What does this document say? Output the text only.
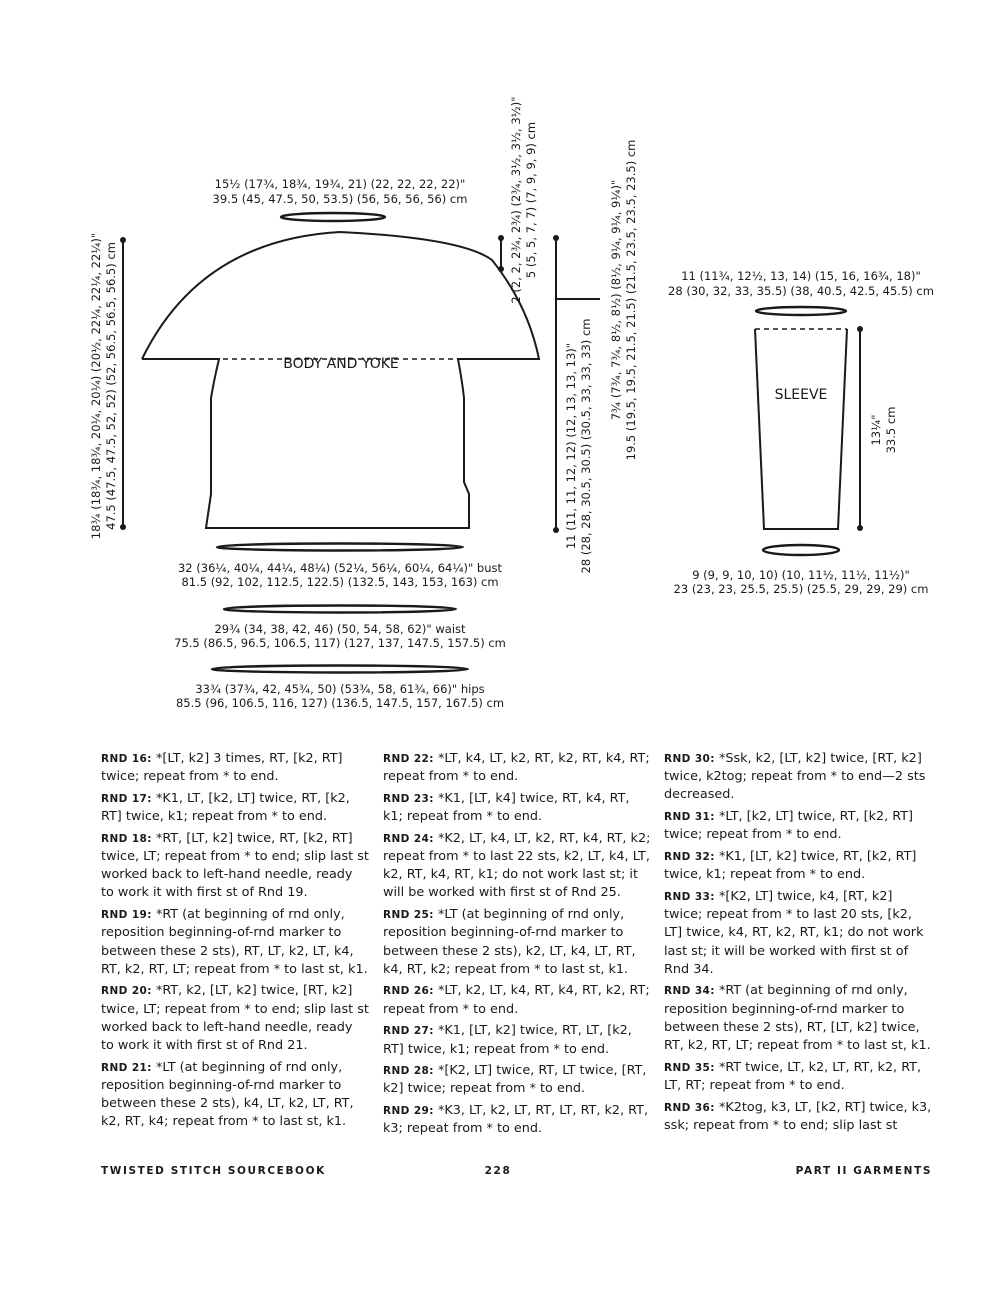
BODY AND YOKE
15½ (17¾, 18¾, 19¾, 21) (22, 22, 22, 22)"
39.5 (45, 47.5, 50, 53.5) (56, 56, 56, 56) cm
18¾ (18¾, 18¾, 20¼, 20¼) (20½, 22¼, 22¼, 22¼)" 47.5 (47.5, 47.5, 52, 52) (52, 56.5, 56.5, 56.5) cm
2 (2, 2, 2¾, 2¾) (2¾, 3½, 3½, 3½)" 5 (5, 5, 7, 7) (7, 9, 9, 9) cm
11 (11, 11, 12, 12) (12, 13, 13, 13)" 28 (28, 28, 30.5, 30.5) (30.5, 33, 33, 33) cm
7¾ (7¾, 7¾, 8½, 8½) (8½, 9¼, 9¼, 9¼)" 19.5 (19.5, 19.5, 21.5, 21.5) (21.5, 23.5, 23.5, 23.5) cm
32 (36¼, 40¼, 44¼, 48¼) (52¼, 56¼, 60¼, 64¼)" bust
81.5 (92, 102, 112.5, 122.5) (132.5, 143, 153, 163) cm
29¾ (34, 38, 42, 46) (50, 54, 58, 62)" waist
75.5 (86.5, 96.5, 106.5, 117) (127, 137, 147.5, 157.5) cm
33¾ (37¾, 42, 45¾, 50) (53¾, 58, 61¾, 66)" hips
85.5 (96, 106.5, 116, 127) (136.5, 147.5, 157, 167.5) cm
11 (11¾, 12½, 13, 14) (15, 16, 16¾, 18)"
28 (30, 32, 33, 35.5) (38, 40.5, 42.5, 45.5) cm
SLEEVE
13¼" 33.5 cm
9 (9, 9, 10, 10) (10, 11½, 11½, 11½)"
23 (23, 23, 25.5, 25.5) (25.5, 29, 29, 29) cm

RND 16: *[LT, k2] 3 times, RT, [k2, RT] twice; repeat from * to end.

RND 17: *K1, LT, [k2, LT] twice, RT, [k2, RT] twice, k1; repeat from * to end.

RND 18: *RT, [LT, k2] twice, RT, [k2, RT] twice, LT; repeat from * to end; slip last st worked back to left-hand needle, ready to work it with first st of Rnd 19.

RND 19: *RT (at beginning of rnd only, reposition beginning-of-rnd marker to between these 2 sts), RT, LT, k2, LT, k4, RT, k2, RT, LT; repeat from * to last st, k1.

RND 20: *RT, k2, [LT, k2] twice, [RT, k2] twice, LT; repeat from * to end; slip last st worked back to left-hand needle, ready to work it with first st of Rnd 21.

RND 21: *LT (at beginning of rnd only, reposition beginning-of-rnd marker to between these 2 sts), k4, LT, k2, LT, RT, k2, RT, k4; repeat from * to last st, k1.

RND 22: *LT, k4, LT, k2, RT, k2, RT, k4, RT; repeat from * to end.

RND 23: *K1, [LT, k4] twice, RT, k4, RT, k1; repeat from * to end.

RND 24: *K2, LT, k4, LT, k2, RT, k4, RT, k2; repeat from * to last 22 sts, k2, LT, k4, LT, k2, RT, k4, RT, k1; do not work last st; it will be worked with first st of Rnd 25.

RND 25: *LT (at beginning of rnd only, reposition beginning-of-rnd marker to between these 2 sts), k2, LT, k4, LT, RT, k4, RT, k2; repeat from * to last st, k1.

RND 26: *LT, k2, LT, k4, RT, k4, RT, k2, RT; repeat from * to end.

RND 27: *K1, [LT, k2] twice, RT, LT, [k2, RT] twice, k1; repeat from * to end.

RND 28: *[K2, LT] twice, RT, LT twice, [RT, k2] twice; repeat from * to end.

RND 29: *K3, LT, k2, LT, RT, LT, RT, k2, RT, k3; repeat from * to end.

RND 30: *Ssk, k2, [LT, k2] twice, [RT, k2] twice, k2tog; repeat from * to end—2 sts decreased.

RND 31: *LT, [k2, LT] twice, RT, [k2, RT] twice; repeat from * to end.

RND 32: *K1, [LT, k2] twice, RT, [k2, RT] twice, k1; repeat from * to end.

RND 33: *[K2, LT] twice, k4, [RT, k2] twice; repeat from * to last 20 sts, [k2, LT] twice, k4, RT, k2, RT, k1; do not work last st; it will be worked with first st of Rnd 34.

RND 34: *RT (at beginning of rnd only, reposition beginning-of-rnd marker to between these 2 sts), RT, [LT, k2] twice, RT, k2, RT, LT; repeat from * to last st, k1.

RND 35: *RT twice, LT, k2, LT, RT, k2, RT, LT, RT; repeat from * to end.

RND 36: *K2tog, k3, LT, [k2, RT] twice, k3, ssk; repeat from * to end; slip last st

TWISTED STITCH SOURCEBOOK	228	PART II GARMENTS
